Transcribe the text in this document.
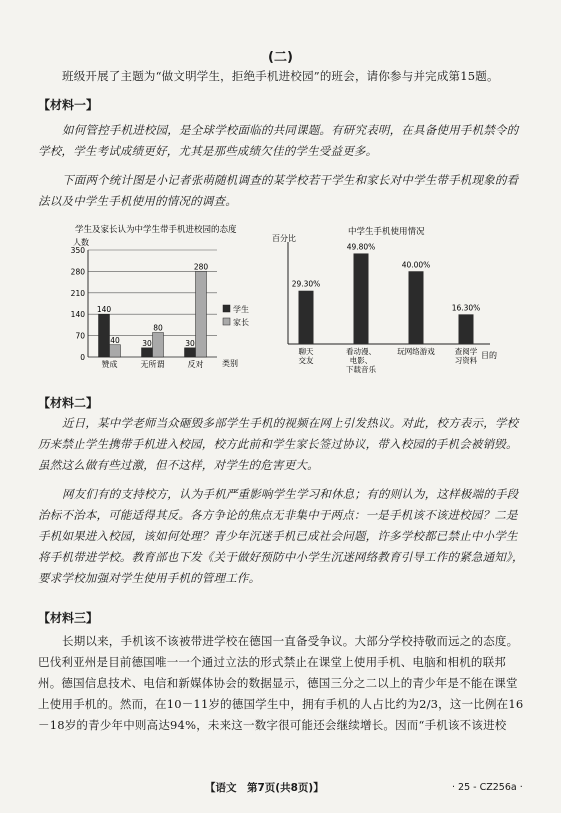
(二)
班级开展了主题为“做文明学生，拒绝手机进校园”的班会，请你参与并完成第15题。
【材料一】
如何管控手机进校园，是全球学校面临的共同课题。有研究表明，在具备使用手机禁令的学校，学生考试成绩更好，尤其是那些成绩欠佳的学生受益更多。
下面两个统计图是小记者张萌随机调查的某学校若干学生和家长对中学生带手机现象的看法以及中学生手机使用的情况的调查。
学生及家长认为中学生带手机进校园的态度
人数
0
70
140
210
280
350
140
40
赞成
30
80
无所谓
30
280
反对 类别
学生
家长
中学生手机使用情况
百分比
29.30%
聊天
交友
49.80%
看动漫、
电影、
下载音乐
40.00%
玩网络游戏
16.30%
查阅学
习资料
目的
【材料二】
近日，某中学老师当众砸毁多部学生手机的视频在网上引发热议。对此，校方表示，学校历来禁止学生携带手机进入校园，校方此前和学生家长签过协议，带入校园的手机会被销毁。虽然这么做有些过激，但不这样，对学生的危害更大。
网友们有的支持校方，认为手机严重影响学生学习和休息；有的则认为，这样极端的手段治标不治本，可能适得其反。各方争论的焦点无非集中于两点：一是手机该不该进校园？二是手机如果进入校园，该如何处理？青少年沉迷手机已成社会问题，许多学校都已禁止中小学生将手机带进学校。教育部也下发《关于做好预防中小学生沉迷网络教育引导工作的紧急通知》，要求学校加强对学生使用手机的管理工作。
【材料三】
长期以来，手机该不该被带进学校在德国一直备受争议。大部分学校持敬而远之的态度。巴伐利亚州是目前德国唯一一个通过立法的形式禁止在课堂上使用手机、电脑和相机的联邦州。德国信息技术、电信和新媒体协会的数据显示，德国三分之二以上的青少年是不能在课堂上使用手机的。然而，在10－11岁的德国学生中，拥有手机的人占比约为2/3，这一比例在16－18岁的青少年中则高达94%，未来这一数字很可能还会继续增长。因而“手机该不该进校
【语文　第7页(共8页)】	· 25 - CZ256a ·
